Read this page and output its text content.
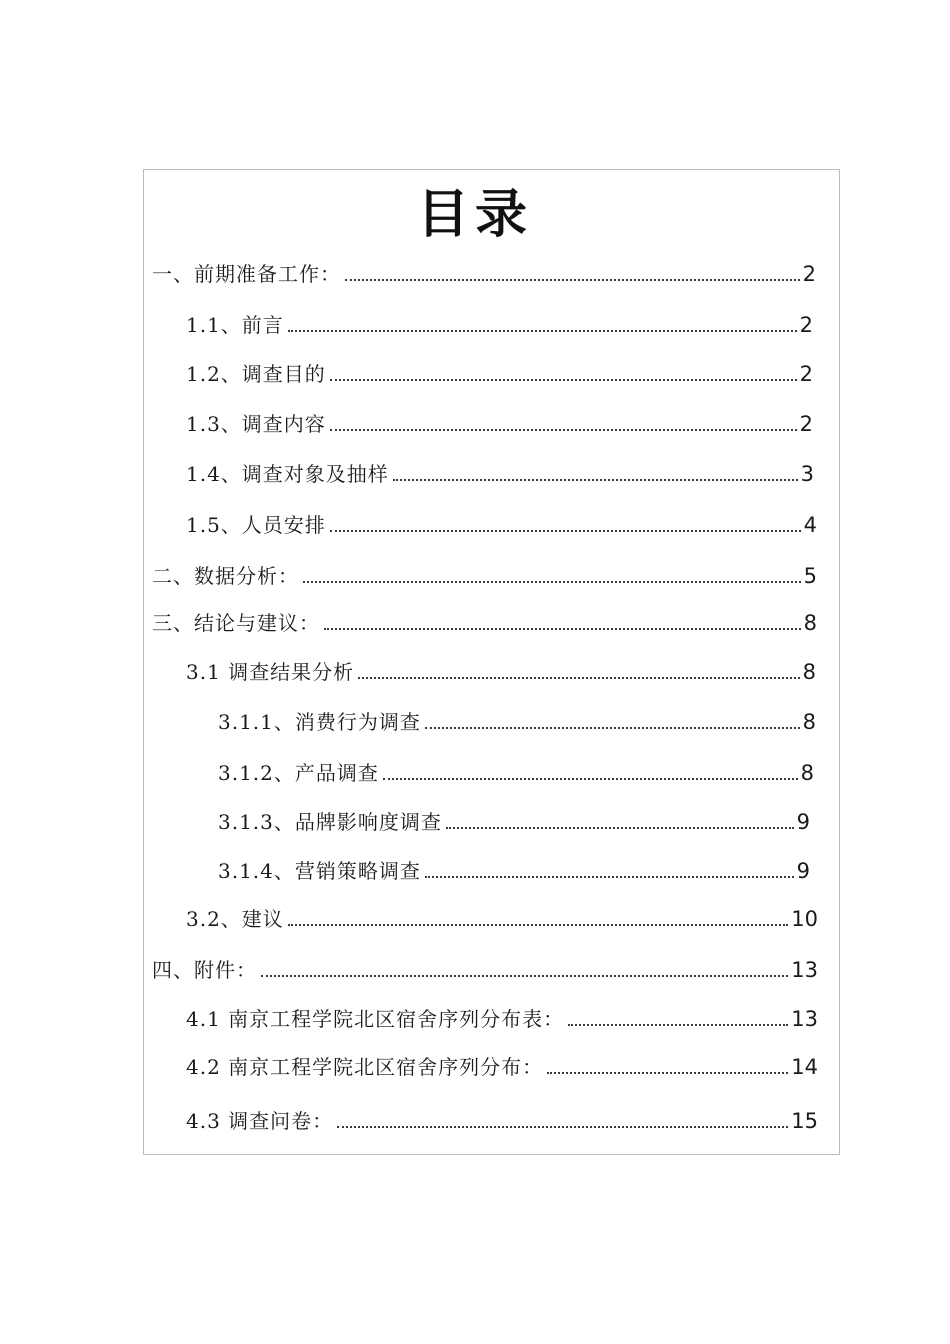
目录
一、前期准备工作：	2
1.1、前言	2
1.2、调查目的	2
1.3、调查内容	2
1.4、调查对象及抽样	3
1.5、人员安排	4
二、数据分析：	5
三、结论与建议：	8
3.1 调查结果分析	8
3.1.1、消费行为调查	8
3.1.2、产品调查	8
3.1.3、品牌影响度调查	9
3.1.4、营销策略调查	9
3.2、建议	10
四、附件：	13
4.1 南京工程学院北区宿舍序列分布表：	13
4.2 南京工程学院北区宿舍序列分布：	14
4.3 调查问卷：	15
